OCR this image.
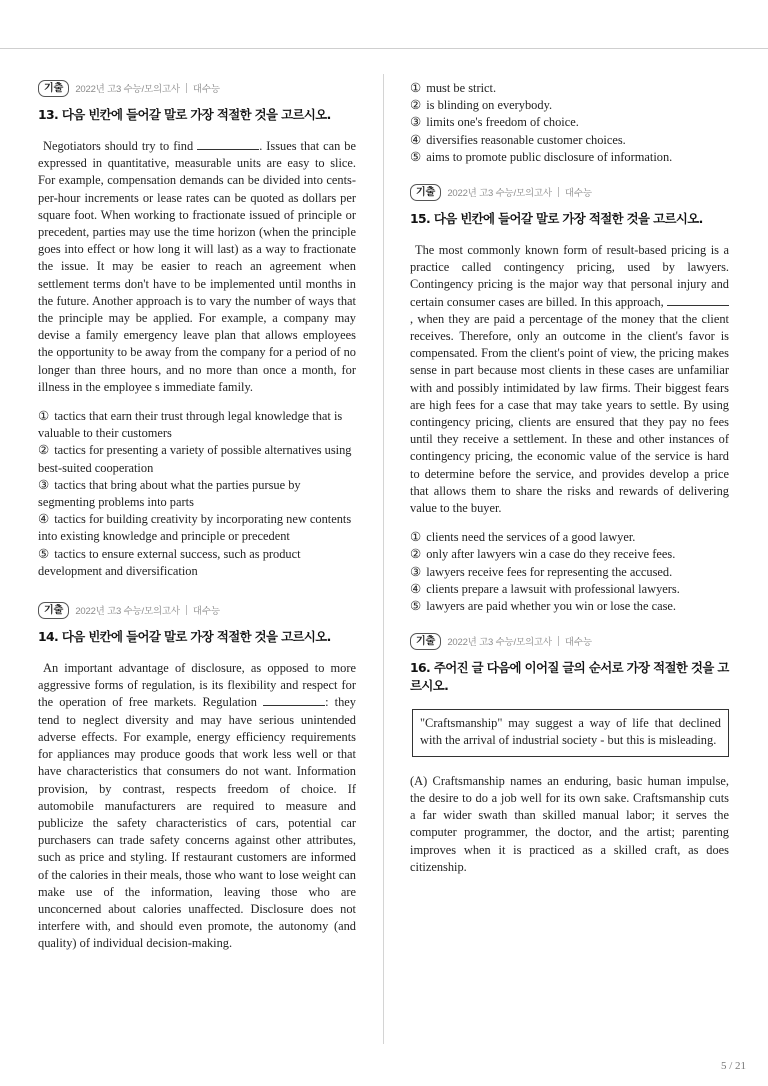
기출	2022년 고3 수능/모의고사 대수능
13. 다음 빈칸에 들어갈 말로 가장 적절한 것을 고르시오.

Negotiators should try to find	. Issues that can be expressed in quantitative, measurable units are easy to slice. For example, compensation demands can be divided into cents-per-hour increments or lease rates can be quoted as dollars per square foot. When working to fractionate issued of principle or precedent, parties may use the time horizon (when the principle goes into effect or how long it will last) as a way to fractionate the issue. It may be easier to reach an agreement when settlement terms don't have to be implemented until months in the future. Another approach is to vary the number of ways that the principle may be applied. For example, a company may devise a family emergency leave plan that allows employees the opportunity to be away from the company for a period of no longer than three hours, and no more than once a month, for illness in the employee s immediate family.

① tactics that earn their trust through legal knowledge that is valuable to their customers
② tactics for presenting a variety of possible alternatives using best-suited cooperation
③ tactics that bring about what the parties pursue by segmenting problems into parts
④ tactics for building creativity by incorporating new contents into existing knowledge and principle or precedent
⑤ tactics to ensure external success, such as product development and diversification
기출	2022년 고3 수능/모의고사 대수능
14. 다음 빈칸에 들어갈 말로 가장 적절한 것을 고르시오.

An important advantage of disclosure, as opposed to more aggressive forms of regulation, is its flexibility and respect for the operation of free markets. Regulation	: they tend to neglect diversity and may have serious unintended adverse effects. For example, energy efficiency requirements for appliances may produce goods that work less well or that have characteristics that consumers do not want. Information provision, by contrast, respects freedom of choice. If automobile manufacturers are required to measure and publicize the safety characteristics of cars, potential car purchasers can trade safety concerns against other attributes, such as price and styling. If restaurant customers are informed of the calories in their meals, those who want to lose weight can make use of the information, leaving those who are unconcerned about calories unaffected. Disclosure does not interfere with, and should even promote, the autonomy (and quality) of individual decision-making.

① must be strict.
② is blinding on everybody.
③ limits one's freedom of choice.
④ diversifies reasonable customer choices.
⑤ aims to promote public disclosure of information.
기출	2022년 고3 수능/모의고사 대수능
15. 다음 빈칸에 들어갈 말로 가장 적절한 것을 고르시오.

The most commonly known form of result-based pricing is a practice called contingency pricing, used by lawyers. Contingency pricing is the major way that personal injury and certain consumer cases are billed. In this approach, , when they are paid a percentage of the money that the client receives. Therefore, only an outcome in the client's favor is compensated. From the client's point of view, the pricing makes sense in part because most clients in these cases are unfamiliar with and possibly intimidated by law firms. Their biggest fears are high fees for a case that may take years to settle. By using contingency pricing, clients are ensured that they pay no fees until they receive a settlement. In these and other instances of contingency pricing, the economic value of the service is hard to determine before the service, and provides develop a price that allows them to share the risks and rewards of delivering value to the buyer.

① clients need the services of a good lawyer.
② only after lawyers win a case do they receive fees.
③ lawyers receive fees for representing the accused.
④ clients prepare a lawsuit with professional lawyers.
⑤ lawyers are paid whether you win or lose the case.
기출	2022년 고3 수능/모의고사 대수능
16. 주어진 글 다음에 이어질 글의 순서로 가장 적절한 것을 고르시오.
"Craftsmanship" may suggest a way of life that declined with the arrival of industrial society - but this is misleading.

(A) Craftsmanship names an enduring, basic human impulse, the desire to do a job well for its own sake. Craftsmanship cuts a far wider swath than skilled manual labor; it serves the computer programmer, the doctor, and the artist; parenting improves when it is practiced as a skilled craft, as does citizenship.

5 / 21
